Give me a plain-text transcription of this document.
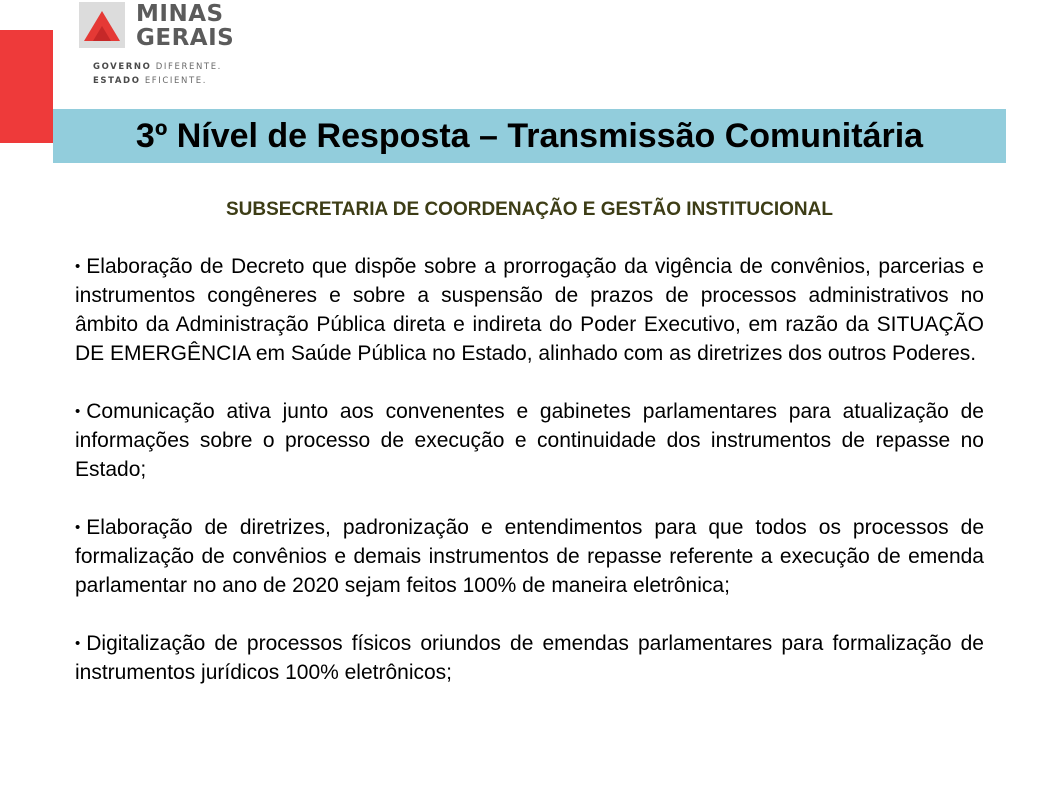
MINAS
GERAIS
GOVERNO DIFERENTE.
ESTADO EFICIENTE.
3º Nível de Resposta – Transmissão Comunitária
SUBSECRETARIA DE COORDENAÇÃO E GESTÃO INSTITUCIONAL

• Elaboração de Decreto que dispõe sobre a prorrogação da vigência de convênios, parcerias e instrumentos congêneres e sobre a suspensão de prazos de processos administrativos no âmbito da Administração Pública direta e indireta do Poder Executivo, em razão da SITUAÇÃO DE EMERGÊNCIA em Saúde Pública no Estado, alinhado com as diretrizes dos outros Poderes.

• Comunicação ativa junto aos convenentes e gabinetes parlamentares para atualização de informações sobre o processo de execução e continuidade dos instrumentos de repasse no Estado;

• Elaboração de diretrizes, padronização e entendimentos para que todos os processos de formalização de convênios e demais instrumentos de repasse referente a execução de emenda parlamentar no ano de 2020 sejam feitos 100% de maneira eletrônica;

• Digitalização de processos físicos oriundos de emendas parlamentares para formalização de instrumentos jurídicos 100% eletrônicos;
